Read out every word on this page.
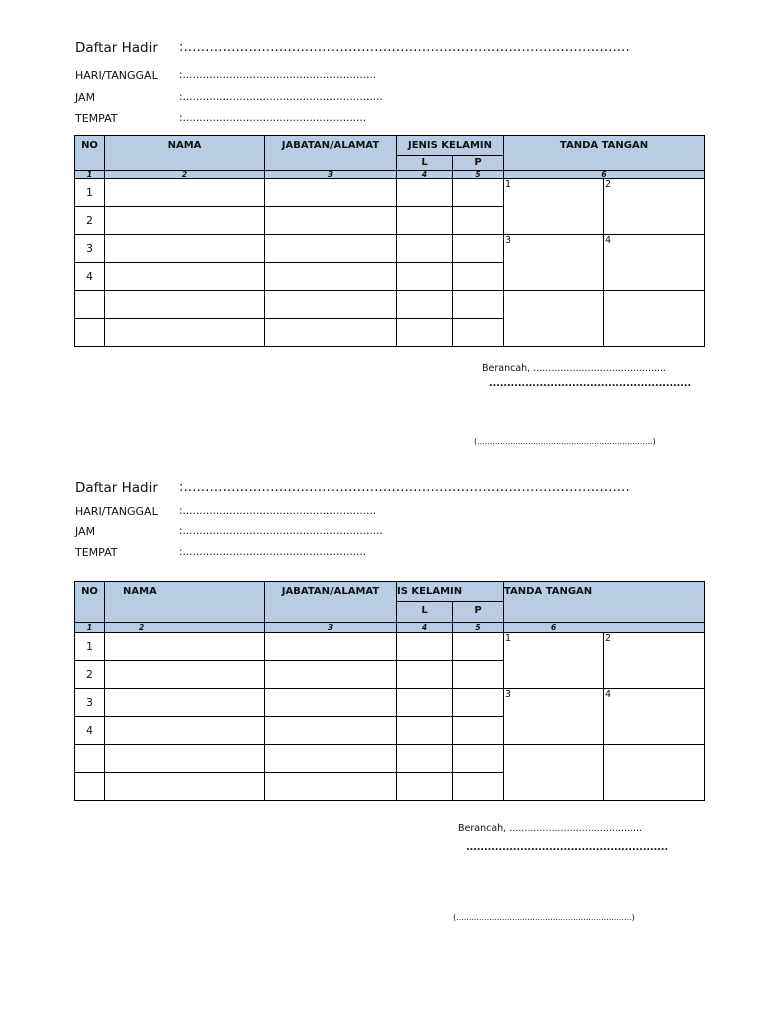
Daftar Hadir :.......................................................................................................
HARI/TANGGAL :..........................................................
JAM	:............................................................
TEMPAT	:.......................................................
NO	NAMA	JABATAN/ALAMAT	JENIS KELAMIN		TANDA TANGAN	

			L	P		

1	2	3	4	5	6	
1					1	2
2						
3					3	4
4						

Berancah, ............................................
........................................................
(.....................................................................)
Daftar Hadir :.......................................................................................................
HARI/TANGGAL :..........................................................
JAM	:............................................................
TEMPAT	:.......................................................
NO	NAMA	JABATAN/ALAMAT	IS KELAMIN		TANDA TANGAN	

			L	P		

1	2	3	4	5	6	
1					1	2
2						
3					3	4
4						

Berancah, ............................................
........................................................
(.....................................................................)
